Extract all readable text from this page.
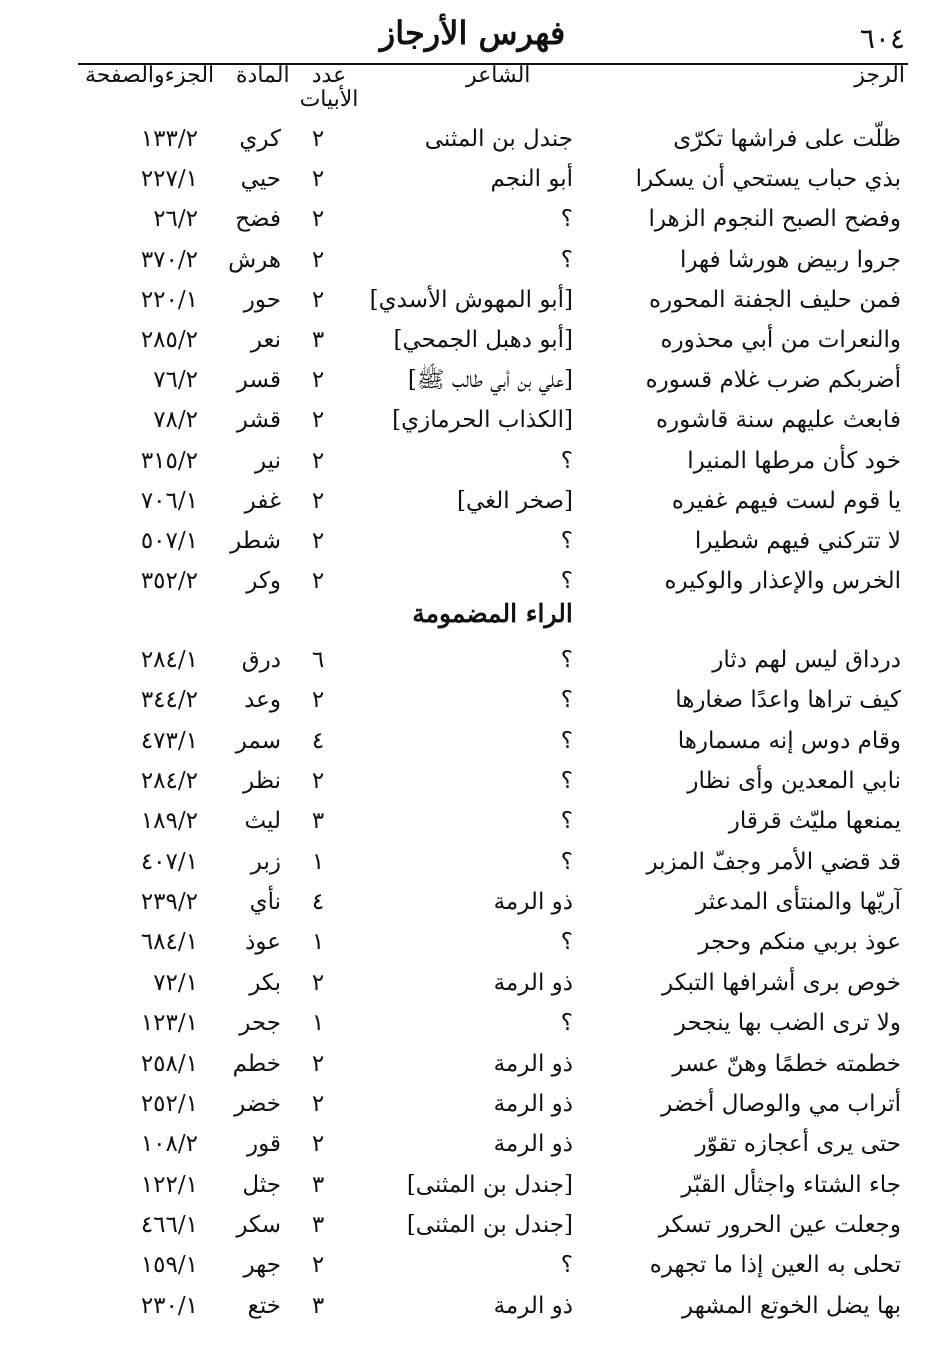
٦٠٤
فهرس الأرجاز
الرجز
الشاعر
عدد
الأبيات
المادة
الجزءوالصفحة
ظلّت على فراشها تكرّى
جندل بن المثنى
٢
كري
١٣٣/٢
بذي حباب يستحي أن يسكرا
أبو النجم
٢
حيي
٢٢٧/١
وفضح الصبح النجوم الزهرا
؟
٢
فضح
٢٦/٢
جروا ربيض هورشا فهرا
؟
٢
هرش
٣٧٠/٢
فمن حليف الجفنة المحوره
[أبو المهوش الأسدي]
٢
حور
٢٢٠/١
والنعرات من أبي محذوره
[أبو دهبل الجمحي]
٣
نعر
٢٨٥/٢
أضربكم ضرب غلام قسوره
[علي بن أبي طالب ﷺ]
٢
قسر
٧٦/٢
فابعث عليهم سنة قاشوره
[الكذاب الحرمازي]
٢
قشر
٧٨/٢
خود كأن مرطها المنيرا
؟
٢
نير
٣١٥/٢
يا قوم لست فيهم غفيره
[صخر الغي]
٢
غفر
٧٠٦/١
لا تتركني فيهم شطيرا
؟
٢
شطر
٥٠٧/١
الخرس والإعذار والوكيره
؟
٢
وكر
٣٥٢/٢
الراء المضمومة
درداق ليس لهم دثار
؟
٦
درق
٢٨٤/١
كيف تراها واعدًا صغارها
؟
٢
وعد
٣٤٤/٢
وقام دوس إنه مسمارها
؟
٤
سمر
٤٧٣/١
نابي المعدين وأى نظار
؟
٢
نظر
٢٨٤/٢
يمنعها مليّث قرقار
؟
٣
ليث
١٨٩/٢
قد قضي الأمر وجفّ المزبر
؟
١
زبر
٤٠٧/١
آريّها والمنتأى المدعثر
ذو الرمة
٤
نأي
٢٣٩/٢
عوذ بربي منكم وحجر
؟
١
عوذ
٦٨٤/١
خوص برى أشرافها التبكر
ذو الرمة
٢
بكر
٧٢/١
ولا ترى الضب بها ينجحر
؟
١
جحر
١٢٣/١
خطمته خطمًا وهنّ عسر
ذو الرمة
٢
خطم
٢٥٨/١
أتراب مي والوصال أخضر
ذو الرمة
٢
خضر
٢٥٢/١
حتى يرى أعجازه تقوّر
ذو الرمة
٢
قور
١٠٨/٢
جاء الشتاء واجثأل القبّر
[جندل بن المثنى]
٣
جثل
١٢٢/١
وجعلت عين الحرور تسكر
[جندل بن المثنى]
٣
سكر
٤٦٦/١
تحلى به العين إذا ما تجهره
؟
٢
جهر
١٥٩/١
بها يضل الخوتع المشهر
ذو الرمة
٣
ختع
٢٣٠/١
